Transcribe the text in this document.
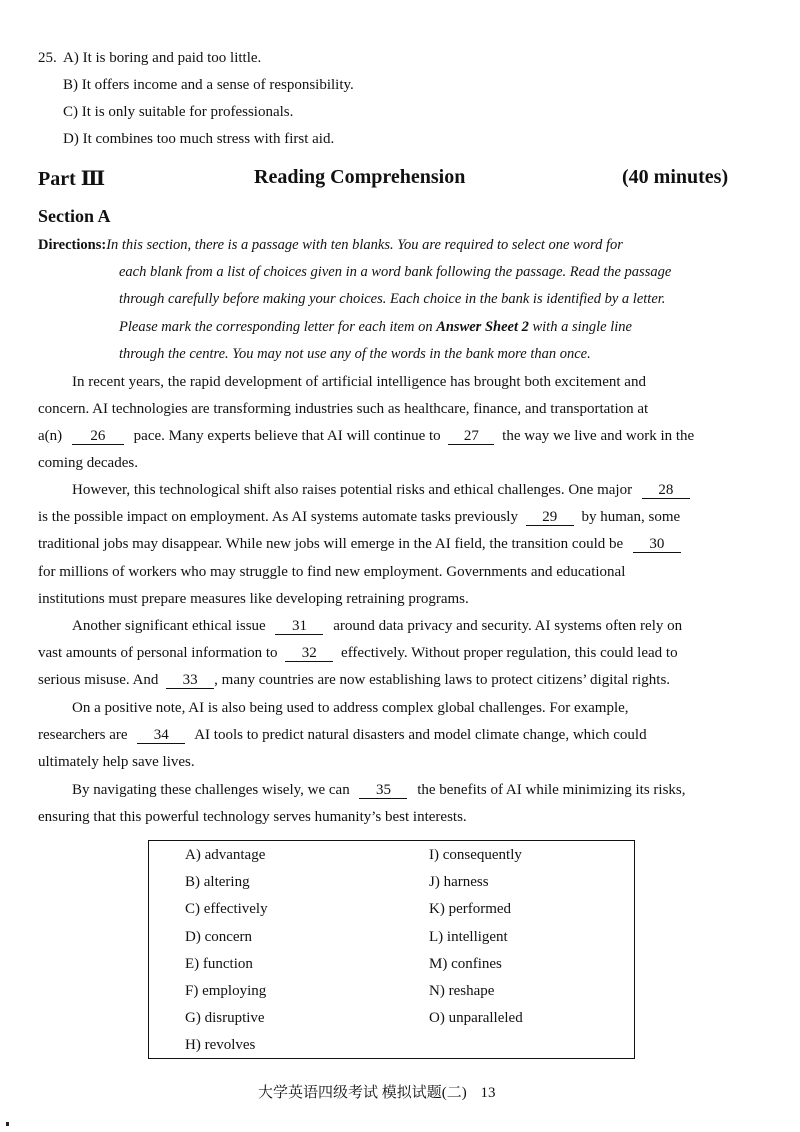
25. A) It is boring and paid too little.
B) It offers income and a sense of responsibility.
C) It is only suitable for professionals.
D) It combines too much stress with first aid.
Part Ⅲ	Reading Comprehension	(40 minutes)
Section A
Directions:In this section, there is a passage with ten blanks. You are required to select one word for
each blank from a list of choices given in a word bank following the passage. Read the passage
through carefully before making your choices. Each choice in the bank is identified by a letter.
Please mark the corresponding letter for each item on Answer Sheet 2 with a single line
through the centre. You may not use any of the words in the bank more than once.
In recent years, the rapid development of artificial intelligence has brought both excitement and
concern. AI technologies are transforming industries such as healthcare, finance, and transportation at
a(n) 26 pace. Many experts believe that AI will continue to 27 the way we live and work in the
coming decades.
However, this technological shift also raises potential risks and ethical challenges. One major 28
is the possible impact on employment. As AI systems automate tasks previously 29 by human, some
traditional jobs may disappear. While new jobs will emerge in the AI field, the transition could be 30
for millions of workers who may struggle to find new employment. Governments and educational
institutions must prepare measures like developing retraining programs.
Another significant ethical issue 31 around data privacy and security. AI systems often rely on
vast amounts of personal information to 32 effectively. Without proper regulation, this could lead to
serious misuse. And 33 , many countries are now establishing laws to protect citizens’ digital rights.
On a positive note, AI is also being used to address complex global challenges. For example,
researchers are 34 AI tools to predict natural disasters and model climate change, which could
ultimately help save lives.
By navigating these challenges wisely, we can 35 the benefits of AI while minimizing its risks,
ensuring that this powerful technology serves humanity’s best interests.
A) advantage
B) altering
C) effectively
D) concern
E) function
F) employing
G) disruptive
H) revolves
I) consequently
J) harness
K) performed
L) intelligent
M) confines
N) reshape
O) unparalleled
大学英语四级考试 模拟试题(二) 13
